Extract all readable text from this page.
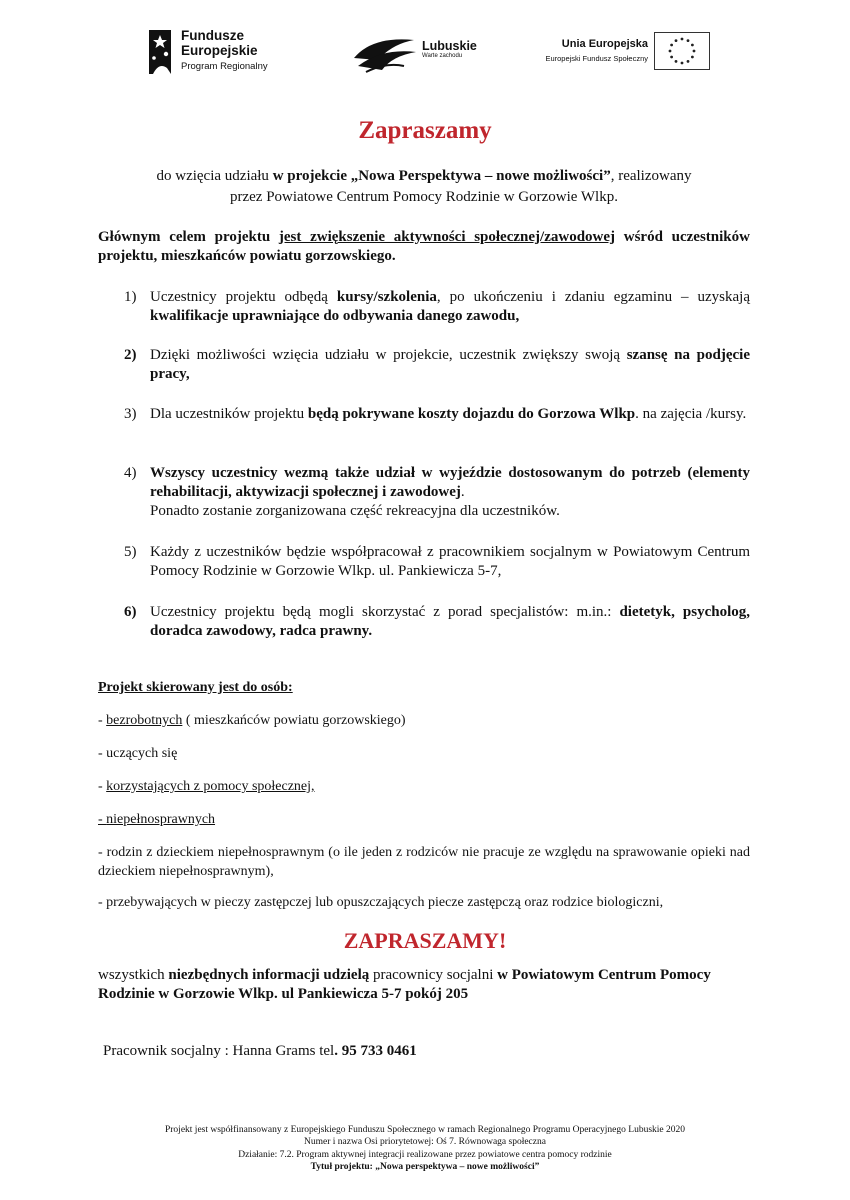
Fundusze
Europejskie
Program Regionalny
Lubuskie
Warte zachodu
Unia Europejska
Europejski Fundusz Społeczny
Zapraszamy
do wzięcia udziału w projekcie „Nowa Perspektywa – nowe możliwości”, realizowany
przez Powiatowe Centrum Pomocy Rodzinie w Gorzowie Wlkp.
Głównym celem projektu jest zwiększenie aktywności społecznej/zawodowej wśród uczestników projektu, mieszkańców powiatu gorzowskiego.
1) Uczestnicy projektu odbędą kursy/szkolenia, po ukończeniu i zdaniu egzaminu – uzyskają kwalifikacje uprawniające do odbywania danego zawodu,
2) Dzięki możliwości wzięcia udziału w projekcie, uczestnik zwiększy swoją szansę na podjęcie pracy,
3) Dla uczestników projektu będą pokrywane koszty dojazdu do Gorzowa Wlkp. na zajęcia /kursy.
4) Wszyscy uczestnicy wezmą także udział w wyjeździe dostosowanym do potrzeb (elementy rehabilitacji, aktywizacji społecznej i zawodowej.
Ponadto zostanie zorganizowana część rekreacyjna dla uczestników.
5) Każdy z uczestników będzie współpracował z pracownikiem socjalnym w Powiatowym Centrum Pomocy Rodzinie w Gorzowie Wlkp. ul. Pankiewicza 5-7,
6) Uczestnicy projektu będą mogli skorzystać z porad specjalistów: m.in.: dietetyk, psycholog, doradca zawodowy, radca prawny.
Projekt skierowany jest do osób:
- bezrobotnych ( mieszkańców powiatu gorzowskiego)
- uczących się
- korzystających z pomocy społecznej,
- niepełnosprawnych
- rodzin z dzieckiem niepełnosprawnym (o ile jeden z rodziców nie pracuje ze względu na sprawowanie opieki nad dzieckiem niepełnosprawnym),
- przebywających w pieczy zastępczej lub opuszczających piecze zastępczą oraz rodzice biologiczni,
ZAPRASZAMY!
wszystkich niezbędnych informacji udzielą pracownicy socjalni w Powiatowym Centrum Pomocy Rodzinie w Gorzowie Wlkp. ul Pankiewicza 5-7 pokój 205
Pracownik socjalny : Hanna Grams tel. 95 733 0461
Projekt jest współfinansowany z Europejskiego Funduszu Społecznego w ramach Regionalnego Programu Operacyjnego Lubuskie 2020
Numer i nazwa Osi priorytetowej: Oś 7. Równowaga społeczna
Działanie: 7.2. Program aktywnej integracji realizowane przez powiatowe centra pomocy rodzinie
Tytuł projektu: „Nowa perspektywa – nowe możliwości”
